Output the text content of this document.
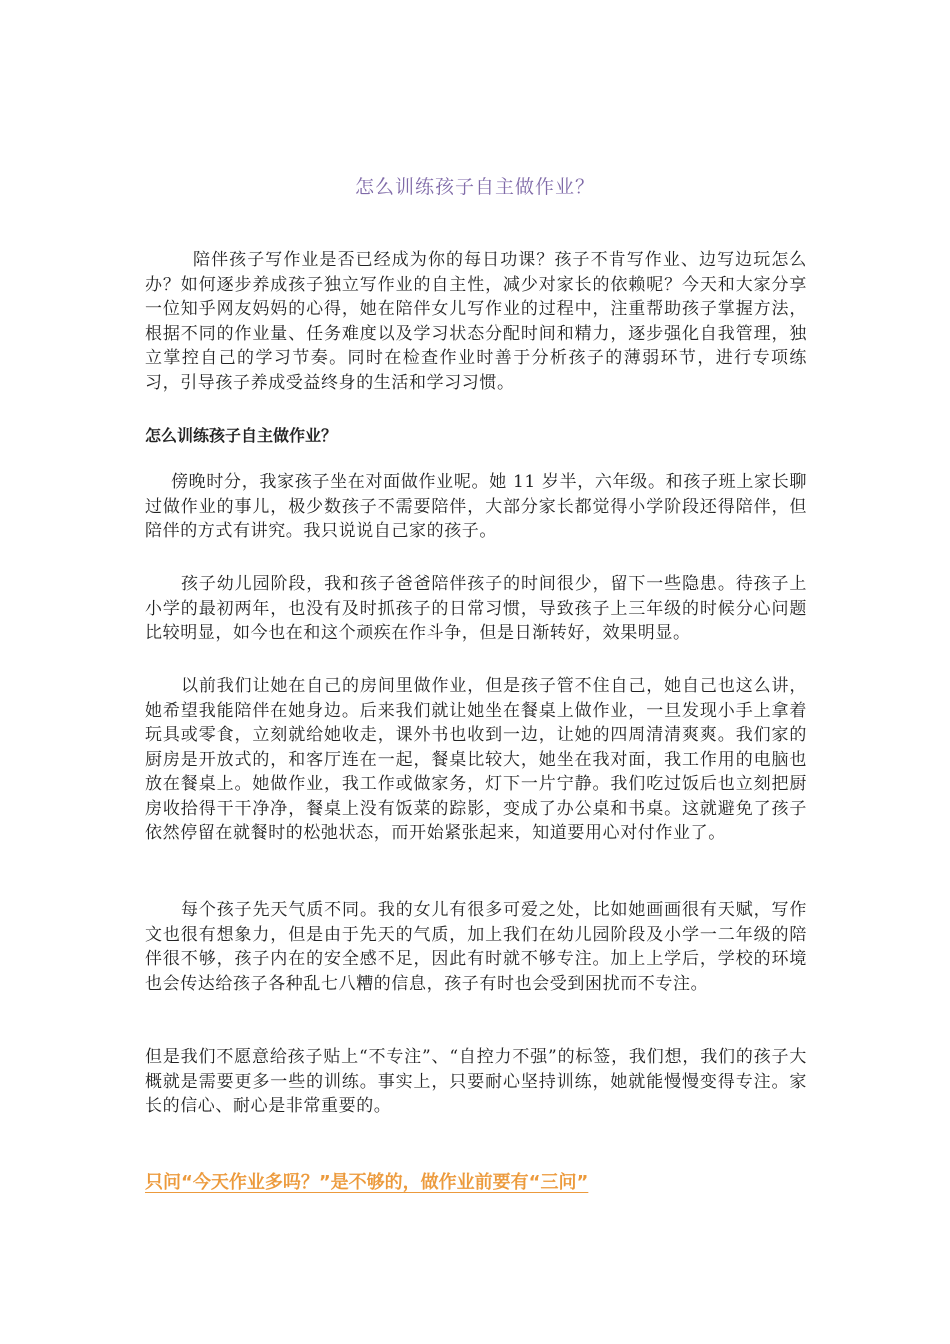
怎么训练孩子自主做作业？

陪伴孩子写作业是否已经成为你的每日功课？孩子不肯写作业、边写边玩怎么办？如何逐步养成孩子独立写作业的自主性，减少对家长的依赖呢？今天和大家分享一位知乎网友妈妈的心得，她在陪伴女儿写作业的过程中，注重帮助孩子掌握方法，根据不同的作业量、任务难度以及学习状态分配时间和精力，逐步强化自我管理，独立掌控自己的学习节奏。同时在检查作业时善于分析孩子的薄弱环节，进行专项练习，引导孩子养成受益终身的生活和学习习惯。

怎么训练孩子自主做作业？

傍晚时分，我家孩子坐在对面做作业呢。她 11 岁半，六年级。和孩子班上家长聊过做作业的事儿，极少数孩子不需要陪伴，大部分家长都觉得小学阶段还得陪伴，但陪伴的方式有讲究。我只说说自己家的孩子。

孩子幼儿园阶段，我和孩子爸爸陪伴孩子的时间很少，留下一些隐患。待孩子上小学的最初两年，也没有及时抓孩子的日常习惯，导致孩子上三年级的时候分心问题比较明显，如今也在和这个顽疾在作斗争，但是日渐转好，效果明显。

以前我们让她在自己的房间里做作业，但是孩子管不住自己，她自己也这么讲，她希望我能陪伴在她身边。后来我们就让她坐在餐桌上做作业，一旦发现小手上拿着玩具或零食，立刻就给她收走，课外书也收到一边，让她的四周清清爽爽。我们家的厨房是开放式的，和客厅连在一起，餐桌比较大，她坐在我对面，我工作用的电脑也放在餐桌上。她做作业，我工作或做家务，灯下一片宁静。我们吃过饭后也立刻把厨房收拾得干干净净，餐桌上没有饭菜的踪影，变成了办公桌和书桌。这就避免了孩子依然停留在就餐时的松弛状态，而开始紧张起来，知道要用心对付作业了。

每个孩子先天气质不同。我的女儿有很多可爱之处，比如她画画很有天赋，写作文也很有想象力，但是由于先天的气质，加上我们在幼儿园阶段及小学一二年级的陪伴很不够，孩子内在的安全感不足，因此有时就不够专注。加上上学后，学校的环境也会传达给孩子各种乱七八糟的信息，孩子有时也会受到困扰而不专注。

但是我们不愿意给孩子贴上“不专注”、“自控力不强”的标签，我们想，我们的孩子大概就是需要更多一些的训练。事实上，只要耐心坚持训练，她就能慢慢变得专注。家长的信心、耐心是非常重要的。

只问“今天作业多吗？”是不够的，做作业前要有“三问”
